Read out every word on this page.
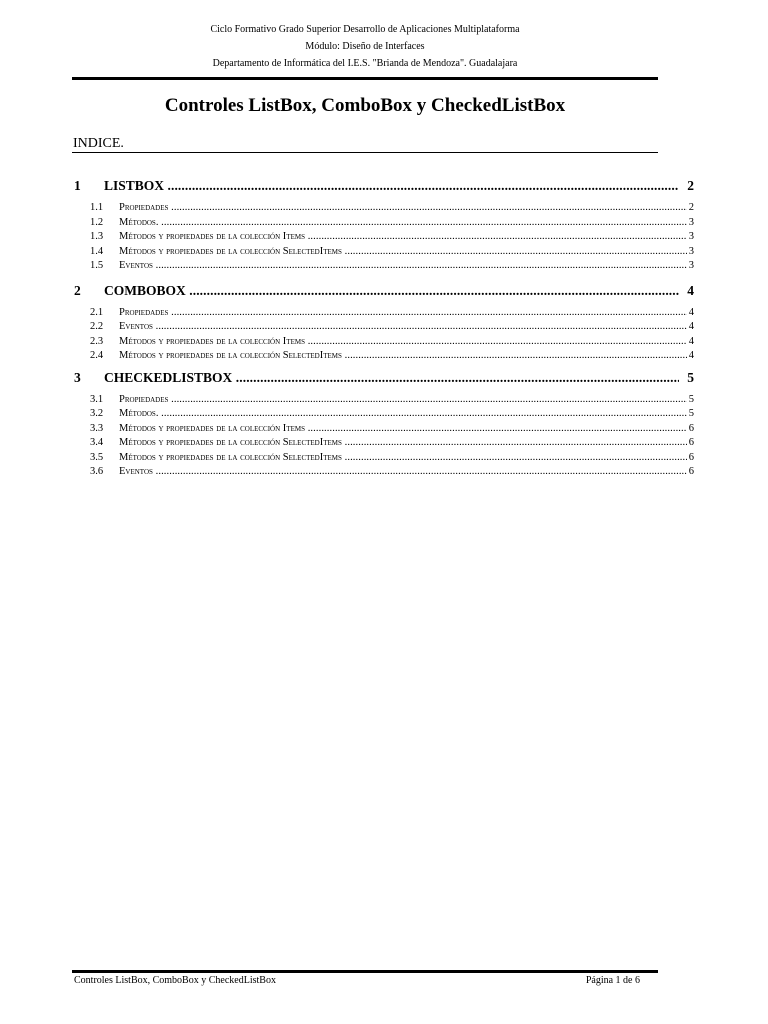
Ciclo Formativo Grado Superior Desarrollo de Aplicaciones Multiplataforma
Módulo: Diseño de Interfaces
Departamento de Informática del I.E.S. "Brianda de Mendoza". Guadalajara
Controles ListBox, ComboBox y CheckedListBox
INDICE.
1 LISTBOX .....	2
1.1 Propiedades .....	2
1.2 Métodos. .....	3
1.3 Métodos y propiedades de la colección Items .....	3
1.4 Métodos y propiedades de la colección SelectedItems .....	3
1.5 Eventos .....	3
2 COMBOBOX .....	4
2.1 Propiedades .....	4
2.2 Eventos .....	4
2.3 Métodos y propiedades de la colección Items .....	4
2.4 Métodos y propiedades de la colección SelectedItems .....	4
3 CHECKEDLISTBOX .....	5
3.1 Propiedades .....	5
3.2 Métodos. .....	5
3.3 Métodos y propiedades de la colección Items .....	6
3.4 Métodos y propiedades de la colección SelectedItems .....	6
3.5 Métodos y propiedades de la colección SelectedItems .....	6
3.6 Eventos .....	6
Controles ListBox, ComboBox y CheckedListBox	Página 1 de 6
